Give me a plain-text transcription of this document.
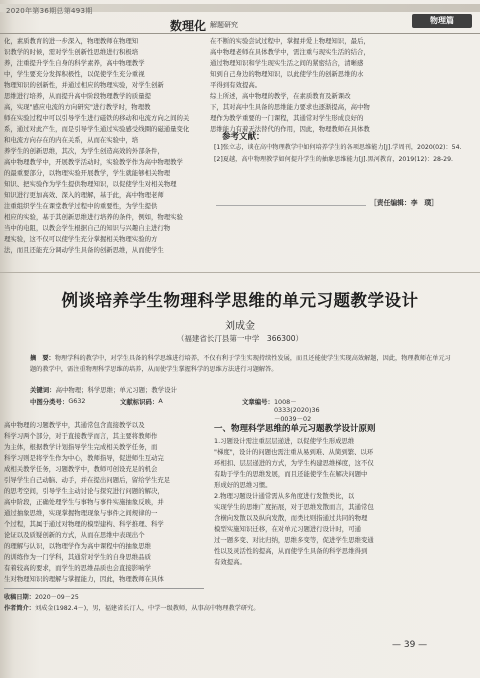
2020年第36期总第493期
数理化 解题研究	物理篇

化，素质教育的进一步深入，物理教师在物理知

识教学的时候，需对学生创新性思维进行积极培

养，注重提升学生自身的科学素养，高中物理教学

中，学生要充分发挥积极性，以促使学生充分重视

物理知识的创新性，并通过相应的物理实验，对学生创新

思维进行培养，从而提升高中阶段物理教学的质量提

高，实现"感应电流的方向研究"进行教学时，物理教

师在实验过程中可以引导学生进行磁铁的移动和电流方向之间的关

系，通过对此产生，而是引导学生通过实验感受线圈的磁通量变化

和电流方向存在的内在关系，从而在实验中，培

养学生的创新思维，其次，为学生创造高效的外部条件，

高中物理教学中，开展教学活动时，实验教学作为高中物理教学

的最重要部分，以物理实验开展教学，学生就能够相关物理

知识、把实验作为学生提供物理知识，以促使学生对相关物理

知识进行更加高效、深入的理解，基于此，高中物理老师

注重组织学生在课堂教学过程中的重要性，为学生提供

相应的实验，基于其创新思维进行培养的条件，例如，物理实验

当中的电阻，以教会学生根据自己的知识与兴趣自主进行物

理实验，这不仅可以使学生充分掌握相关物理实验的方

法，而且还能充分调动学生具备的创新思维，从而使学生

在不断的实验尝试过程中，掌握并爱上物理知识，最后，

高中物理老师在具体教学中，需注重与现实生活的结合，

通过物理知识和学生现实生活之间的紧密结合，清晰感

知到自己身边的物理知识，以此使学生的创新思维的水

平得到有效提高。

综上所述，高中物理的教学，在素质教育及新课改

下，其对高中生具备的思维能力要求也逐渐提高，高中物

理作为教学重要的一门课程，其通常对学生形成良好的

思维能力有着无法替代的作用，因此，物理教师在具体教

参考文献：
[1]张立志，谈在高中物理教学中如何培养学生的各项思维能力[J].学周刊，2020(02)：54.
[2]夏越，高中物理教学如何提升学生的抽象思维能力[J].黑河教育，2019(12)：28-29.
［责任编辑：李　璞］
例谈培养学生物理科学思维的单元习题教学设计
刘成金
（福建省长汀县第一中学　366300）
摘　要：物理学科的教学中，对学生具备的科学思维进行培养，不仅有利于学生实现持续性发展，而且还能使学生实现高效解题，因此，物理教师在单元习题的教学中，需注重物理科学思维的培养，从而使学生掌握科学的思维方法进行习题解答。
关键词：高中物理；科学思维；单元习题；教学设计
中图分类号： G632	文献标识码： A	文章编号： 1008－0333(2020)36－0039－02

高中物理的习题教学中，其通常包含直接教学以及

科学习两个部分，对于直接教学而言，其主要将教师作

为主体，根据教学计划指导学生完成相关教学任务，而

科学习则是将学生作为中心，教师指导，促进师生互动完

成相关教学任务，习题教学中，教师可创设充足的机会

引导学生自己动脑、动手，并在提出问题后，留给学生充足

的思考空间，引导学生主动讨论与探究进行问题的解决，

高中阶段，正确处理学生与事物与事件实施抽象反映，并

通过抽象思维，实现掌握物理现象与事件之间规律的一

个过程，其属于通过对物理的模型建构、科学推理、科学

论证以及质疑创新的方式，从而在思维中表现出个

的理解与认识，以物理学作为高中课程中的抽象思维

的训练作为一门学科，其通常对学生的自身思维品质

有着较高的要求，而学生的思维品质也会直接影响学

生对物理知识的理解与掌握能力，因此，物理教师在具体

一、物理科学思维的单元习题教学设计原则

1.习题设计需注重层层递进，以促使学生形成思维

"梯度"，设计的问题也需注重从易到难、从简到繁、以环

环相扣、层层递进的方式，为学生构建思维梯度，这不仅

有助于学生的思维发展，而且还能使学生在解决问题中

形成好的思维习惯。

2.物理习题设计通常需从多角度进行发散类比，以

实现学生的思维广度拓展，对于思维发散而言，其通常包

含横向发散以及纵向发散，而类比则指通过共同的物理

模型实施知识迁移，在对单元习题进行设计时，可通

过一题多变、对比归纳，思维多变等，促进学生思维变通

性以及灵活性的提高，从而使学生具备的科学思维得到

有效提高。

收稿日期：2020－09－25
作者简介：刘成金(1982.4－)，男，福建省长汀人，中学一级教师，从事高中物理教学研究。
— 39 —
